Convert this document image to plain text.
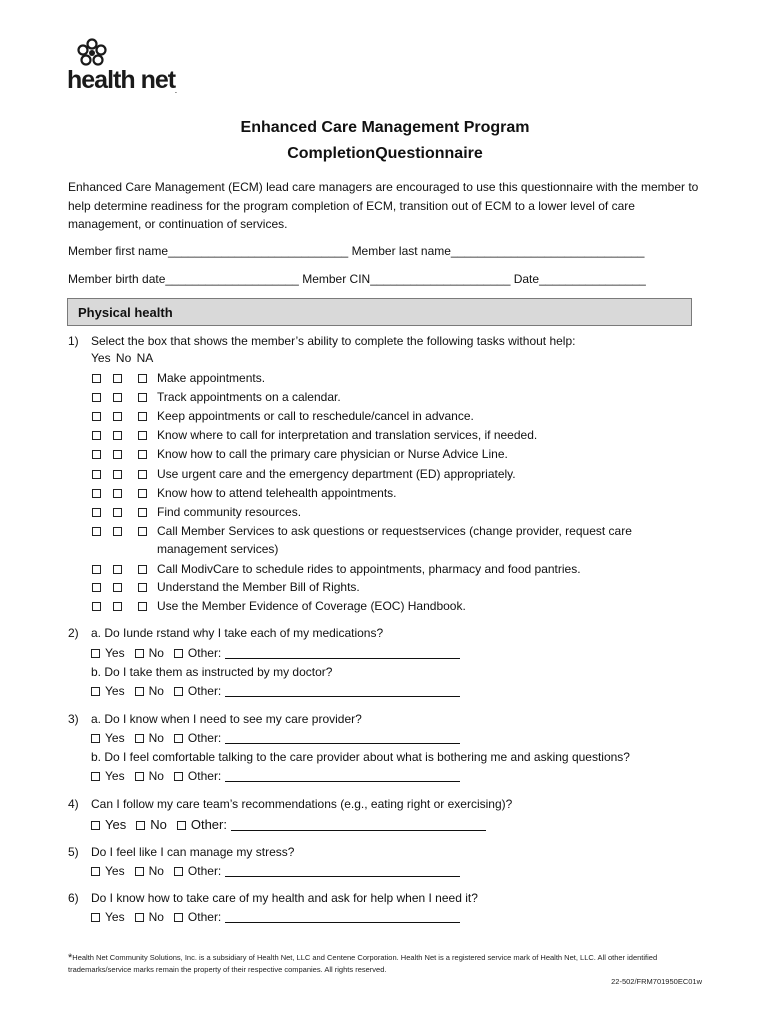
health net.
Enhanced Care Management Program
CompletionQuestionnaire
Enhanced Care Management (ECM) lead care managers are encouraged to use this questionnaire with the member to help determine readiness for the program completion of ECM, transition out of ECM to a lower level of care management, or continuation of services.
Member first name___________________________ Member last name_____________________________
Member birth date____________________ Member CIN_____________________ Date________________
Physical health
1) Select the box that shows the member’s ability to complete the following tasks without help:
Yes No NA
Make appointments.
Track appointments on a calendar.
Keep appointments or call to reschedule/cancel in advance.
Know where to call for interpretation and translation services, if needed.
Know how to call the primary care physician or Nurse Advice Line.
Use urgent care and the emergency department (ED) appropriately.
Know how to attend telehealth appointments.
Find community resources.
Call Member Services to ask questions or requestservices (change provider, request care
Call ModivCare to schedule rides to appointments, pharmacy and food pantries.
Understand the Member Bill of Rights.
Use the Member Evidence of Coverage (EOC) Handbook.
management services)
2) a. Do Iunde rstand why I take each of my medications?
Yes No Other:
b. Do I take them as instructed by my doctor?
Yes No Other:
3) a. Do I know when I need to see my care provider?
Yes No Other:
b. Do I feel comfortable talking to the care provider about what is bothering me and asking questions?
Yes No Other:
4) Can I follow my care team’s recommendations (e.g., eating right or exercising)?
Yes No Other:
5) Do I feel like I can manage my stress?
Yes No Other:
6) Do I know how to take care of my health and ask for help when I need it?
Yes No Other:
*Health Net Community Solutions, Inc. is a subsidiary of Health Net, LLC and Centene Corporation. Health Net is a registered service mark of Health Net, LLC. All other identified trademarks/service marks remain the property of their respective companies. All rights reserved.
22-502/FRM701950EC01w
